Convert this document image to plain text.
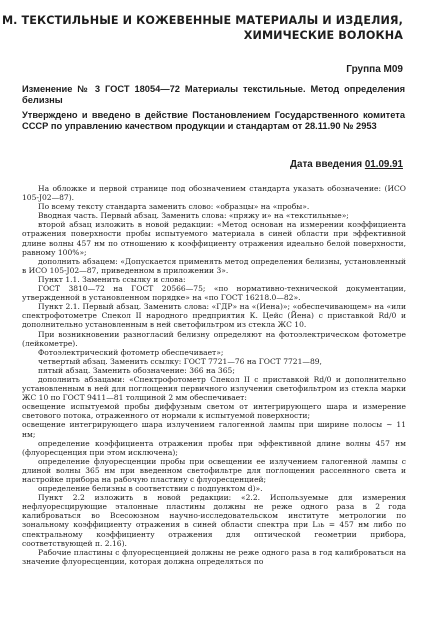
М. ТЕКСТИЛЬНЫЕ И КОЖЕВЕННЫЕ МАТЕРИАЛЫ И ИЗДЕЛИЯ,
ХИМИЧЕСКИЕ ВОЛОКНА
Группа М09
Изменение № 3 ГОСТ 18054—72 Материалы текстильные. Метод определения белизны
Утверждено и введено в действие Постановлением Государственного комитета СССР по управлению качеством продукции и стандартам от 28.11.90 № 2953
Дата введения 01.09.91

На обложке и первой странице под обозначением стандарта указать обозначение: (ИСО 105-J02—87).

По всему тексту стандарта заменить слово: «образцы» на «пробы».

Вводная часть. Первый абзац. Заменить слова: «пряжу и» на «текстильные»;

второй абзац изложить в новой редакции: «Метод основан на измерении коэффициента отражения поверхности пробы испытуемого материала в синей области при эффективной длине волны 457 нм по отношению к коэффициенту отражения идеально белой поверхности, равному 100%»;

дополнить абзацем: «Допускается применять метод определения белизны, установленный в ИСО 105-J02—87, приведенном в приложении 3».

Пункт 1.1. Заменить ссылку и слова:

ГОСТ 3810—72 на ГОСТ 20566—75; «по нормативно-технической документации, утвержденной в установленном порядке» на «по ГОСТ 16218.0—82».

Пункт 2.1. Первый абзац. Заменить слова: «ГДР» на «(Иена)»; «обеспечивающем» на «или спектрофотометре Спекол II народного предприятия К. Цейс (Йена) с приставкой Rd/0 и дополнительно установленным в ней светофильтром из стекла ЖС 10.

При возникновении разногласий белизну определяют на фотоэлектрическом фотометре (лейкометре).

Фотоэлектрический фотометр обеспечивает»;

четвертый абзац. Заменить ссылку: ГОСТ 7721—76 на ГОСТ 7721—89,

пятый абзац. Заменить обозначение: 366 на 365;

дополнить абзацами: «Спектрофотометр Спекол II с приставкой Rd/0 и дополнительно установленным в ней для поглощения первичного излучения светофильтром из стекла марки ЖС 10 по ГОСТ 9411—81 толщиной 2 мм обеспечивает:

освещение испытуемой пробы диффузным светом от интегрирующего шара и измерение светового потока, отраженного от нормали к испытуемой поверхности;

освещение интегрирующего шара излучением галогенной лампы при ширине полосы ~ 11 нм;

определение коэффициента отражения пробы при эффективной длине волны 457 нм (флуоресценция при этом исключена);

определение флуоресценции пробы при освещении ее излучением галогенной лампы с длиной волны 365 нм при введенном светофильтре для поглощения рассеянного света и настройке прибора на рабочую пластину с флуоресценцией;

определение белизны в соответствии с подпунктом d)».

Пункт 2.2 изложить в новой редакции: «2.2. Используемые для измерения нефлуоресцирующие эталонные пластины должны не реже одного раза в 2 года калиброваться во Всесоюзном научно-исследовательском институте метрологии по зональному коэффициенту отражения в синей области спектра при L₃ь = 457 нм либо по спектральному коэффициенту отражения для оптической геометрии прибора, соответствующей п. 2.16).

Рабочие пластины с флуоресценцией должны не реже одного раза в год калиброваться на значение флуоресценции, которая должна определяться по
